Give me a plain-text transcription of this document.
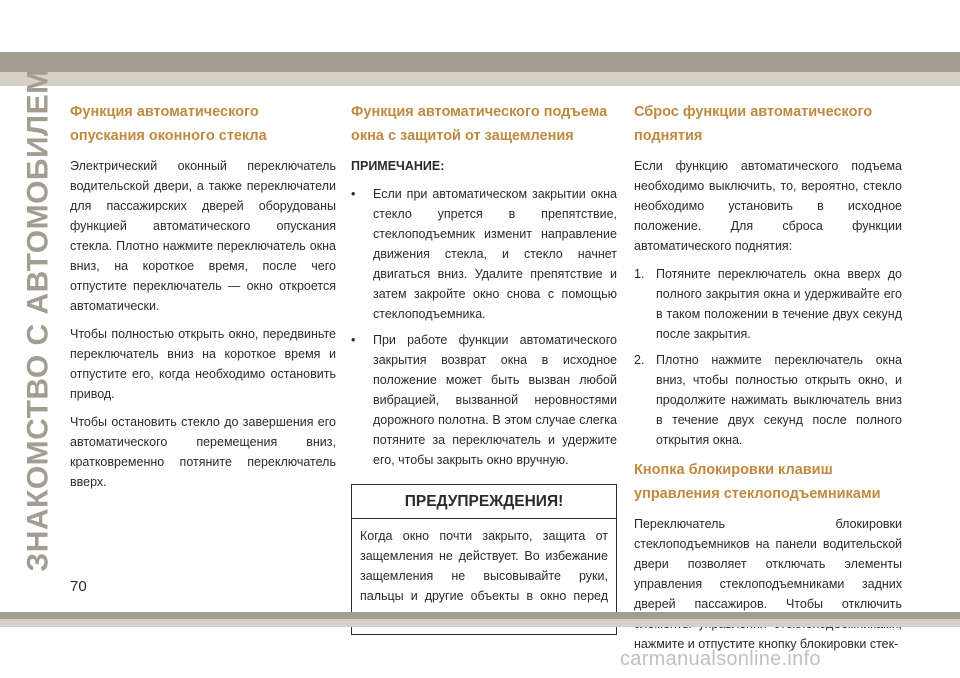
ЗНАКОМСТВО С АВТОМОБИЛЕМ Функция автоматического опускания оконного стекла

Электрический оконный переключатель водительской двери, а также переключатели для пассажирских дверей оборудованы функцией автоматического опускания стекла. Плотно нажмите переключатель окна вниз, на короткое время, после чего отпустите переключатель — окно откроется автоматически.

Чтобы полностью открыть окно, передвиньте переключатель вниз на короткое время и отпустите его, когда необходимо остановить привод.

Чтобы остановить стекло до завершения его автоматического перемещения вниз, кратковременно потяните переключатель вверх.

Функция автоматического подъема окна с защитой от защемления

ПРИМЕЧАНИЕ:

• Если при автоматическом закрытии окна стекло упрется в препятствие, стеклоподъемник изменит направление движения стекла, и стекло начнет двигаться вниз. Удалите препятствие и затем закройте окно снова с помощью стеклоподъемника.
• При работе функции автоматического закрытия возврат окна в исходное положение может быть вызван любой вибрацией, вызванной неровностями дорожного полотна. В этом случае слегка потяните за переключатель и удержите его, чтобы закрыть окно вручную.
ПРЕДУПРЕЖДЕНИЯ!

Когда окно почти закрыто, защита от защемления не действует. Во избежание защемления не высовывайте руки, пальцы и другие объекты в окно перед

Сброс функции автоматического поднятия

Если функцию автоматического подъема необходимо выключить, то, вероятно, стекло необходимо установить в исходное положение. Для сброса функции автоматического поднятия:

1. Потяните переключатель окна вверх до полного закрытия окна и удерживайте его в таком положении в течение двух секунд после закрытия.
2. Плотно нажмите переключатель окна вниз, чтобы полностью открыть окно, и продолжите нажимать выключатель вниз в течение двух секунд после полного открытия окна.
Кнопка блокировки клавиш управления стеклоподъемниками

Переключатель блокировки стеклоподъемников на панели водительской двери позволяет отключать элементы управления стеклоподъемниками задних дверей пассажиров. Чтобы отключить нажмите и отпустите кнопку блокировки стек-

70
carmanualsonline.info
